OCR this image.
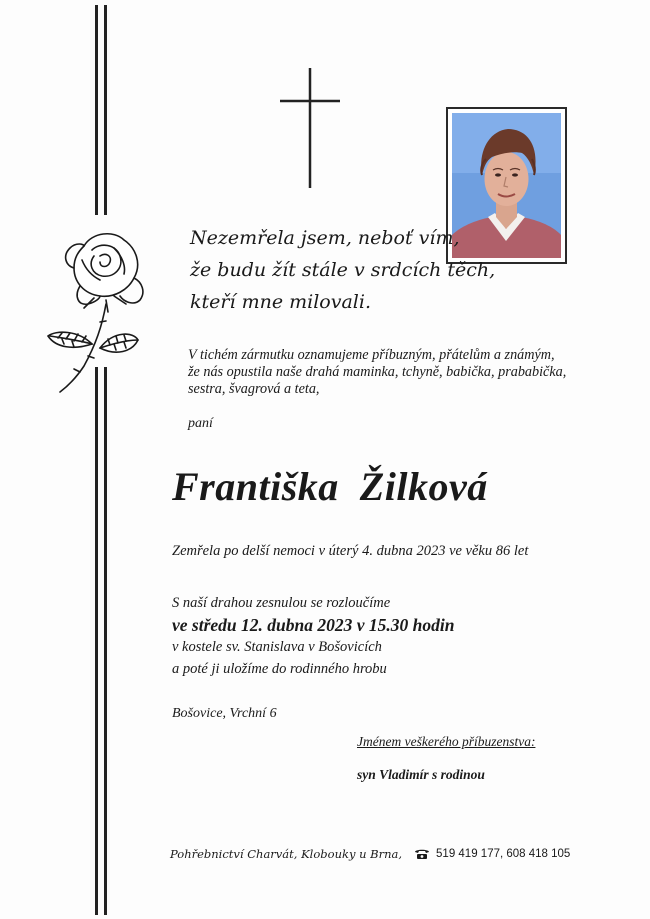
Nezemřela jsem, neboť vím,
že budu žít stále v srdcích těch,
kteří mne milovali.
V tichém zármutku oznamujeme příbuzným, přátelům a známým,
že nás opustila naše drahá maminka, tchyně, babička, prababička,
sestra, švagrová a teta,
paní
Františka  Žilková
Zemřela po delší nemoci v úterý 4. dubna 2023 ve věku 86 let
S naší drahou zesnulou se rozloučíme
ve středu 12. dubna 2023 v 15.30 hodin
v kostele sv. Stanislava v Bošovicích
a poté ji uložíme do rodinného hrobu
Bošovice, Vrchní 6
Jménem veškerého příbuzenstva:
syn Vladimír s rodinou
Pohřebnictví Charvát, Klobouky u Brna,	519 419 177, 608 418 105
